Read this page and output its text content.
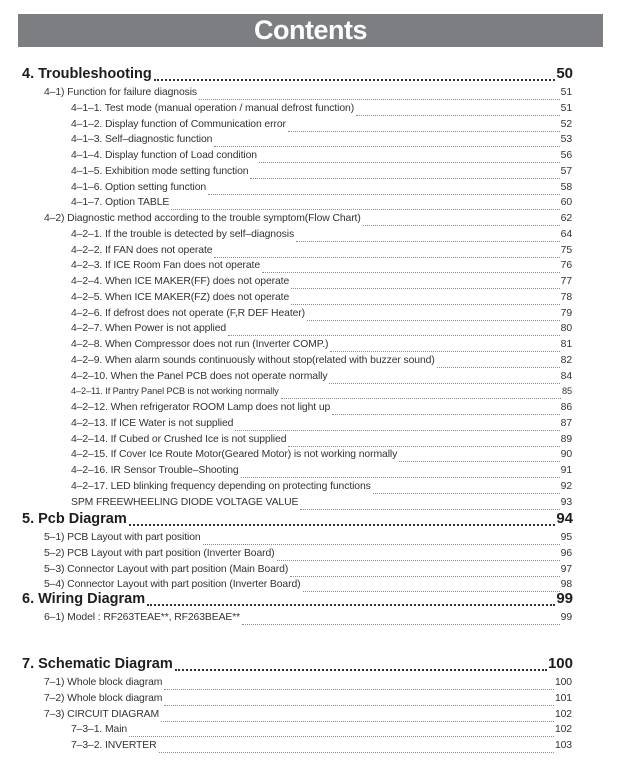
Contents
4. Troubleshooting	50
4–1) Function for failure diagnosis	51
4–1–1. Test mode (manual operation / manual defrost function)	51
4–1–2. Display function of Communication error	52
4–1–3. Self–diagnostic function	53
4–1–4. Display function of Load condition	56
4–1–5. Exhibition mode setting function	57
4–1–6. Option setting function	58
4–1–7. Option TABLE	60
4–2) Diagnostic method according to the trouble symptom(Flow Chart)	62
4–2–1. If the trouble is detected by self–diagnosis	64
4–2–2. If FAN does not operate	75
4–2–3. If ICE Room Fan does not operate	76
4–2–4. When ICE MAKER(FF) does not operate	77
4–2–5. When ICE MAKER(FZ) does not operate	78
4–2–6. If defrost does not operate (F,R DEF Heater)	79
4–2–7. When Power is not applied	80
4–2–8. When Compressor does not run (Inverter COMP.)	81
4–2–9. When alarm sounds continuously without stop(related with buzzer sound)	82
4–2–10. When the Panel PCB does not operate normally	84
4–2–11. If Pantry Panel PCB is not working normally	85
4–2–12. When refrigerator ROOM Lamp does not light up	86
4–2–13. If ICE Water is not supplied	87
4–2–14. If Cubed or Crushed Ice is not supplied	89
4–2–15. If Cover Ice Route Motor(Geared Motor) is not working normally	90
4–2–16. IR Sensor Trouble–Shooting	91
4–2–17. LED blinking frequency depending on protecting functions	92
SPM FREEWHEELING DIODE VOLTAGE VALUE	93
5. Pcb Diagram	94
5–1) PCB Layout with part position	95
5–2) PCB Layout with part position (Inverter Board)	96
5–3) Connector Layout with part position (Main Board)	97
5–4) Connector Layout with part position (Inverter Board)	98
6. Wiring Diagram	99
6–1) Model : RF263TEAE**, RF263BEAE**	99
7. Schematic Diagram	100
7–1) Whole block diagram	100
7–2) Whole block diagram	101
7–3) CIRCUIT DIAGRAM	102
7–3–1. Main	102
7–3–2. INVERTER	103
